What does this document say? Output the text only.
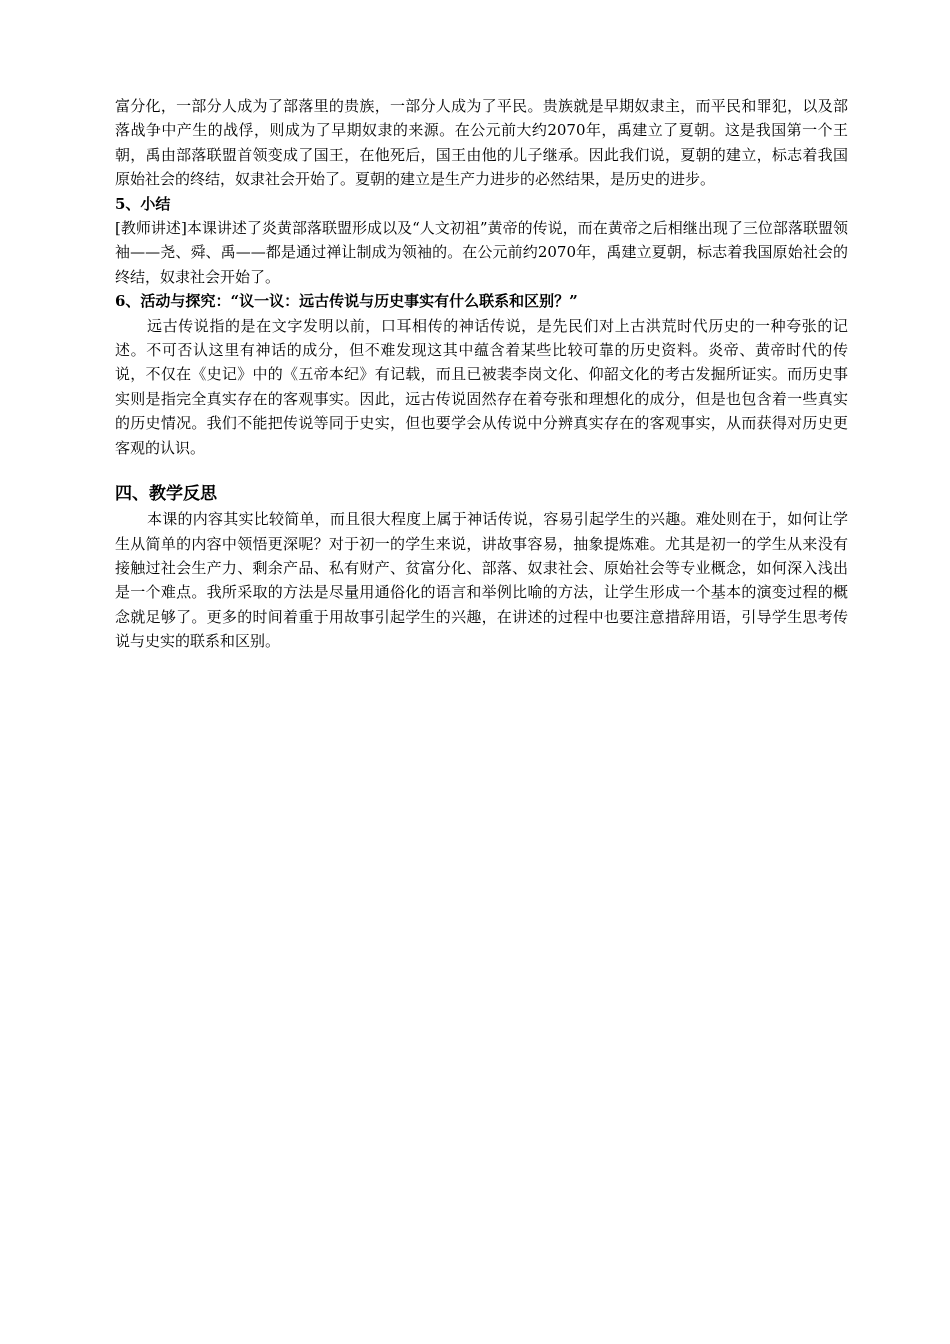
富分化，一部分人成为了部落里的贵族，一部分人成为了平民。贵族就是早期奴隶主，而平民和罪犯，以及部落战争中产生的战俘，则成为了早期奴隶的来源。在公元前大约2070年，禹建立了夏朝。这是我国第一个王朝，禹由部落联盟首领变成了国王，在他死后，国王由他的儿子继承。因此我们说，夏朝的建立，标志着我国原始社会的终结，奴隶社会开始了。夏朝的建立是生产力进步的必然结果，是历史的进步。

5、小结

[教师讲述]本课讲述了炎黄部落联盟形成以及“人文初祖”黄帝的传说，而在黄帝之后相继出现了三位部落联盟领袖——尧、舜、禹——都是通过禅让制成为领袖的。在公元前约2070年，禹建立夏朝，标志着我国原始社会的终结，奴隶社会开始了。

6、活动与探究：“议一议：远古传说与历史事实有什么联系和区别？”

远古传说指的是在文字发明以前，口耳相传的神话传说，是先民们对上古洪荒时代历史的一种夸张的记述。不可否认这里有神话的成分，但不难发现这其中蕴含着某些比较可靠的历史资料。炎帝、黄帝时代的传说，不仅在《史记》中的《五帝本纪》有记载，而且已被裴李岗文化、仰韶文化的考古发掘所证实。而历史事实则是指完全真实存在的客观事实。因此，远古传说固然存在着夸张和理想化的成分，但是也包含着一些真实的历史情况。我们不能把传说等同于史实，但也要学会从传说中分辨真实存在的客观事实，从而获得对历史更客观的认识。

四、教学反思

本课的内容其实比较简单，而且很大程度上属于神话传说，容易引起学生的兴趣。难处则在于，如何让学生从简单的内容中领悟更深呢？对于初一的学生来说，讲故事容易，抽象提炼难。尤其是初一的学生从来没有接触过社会生产力、剩余产品、私有财产、贫富分化、部落、奴隶社会、原始社会等专业概念，如何深入浅出是一个难点。我所采取的方法是尽量用通俗化的语言和举例比喻的方法，让学生形成一个基本的演变过程的概念就足够了。更多的时间着重于用故事引起学生的兴趣，在讲述的过程中也要注意措辞用语，引导学生思考传说与史实的联系和区别。
